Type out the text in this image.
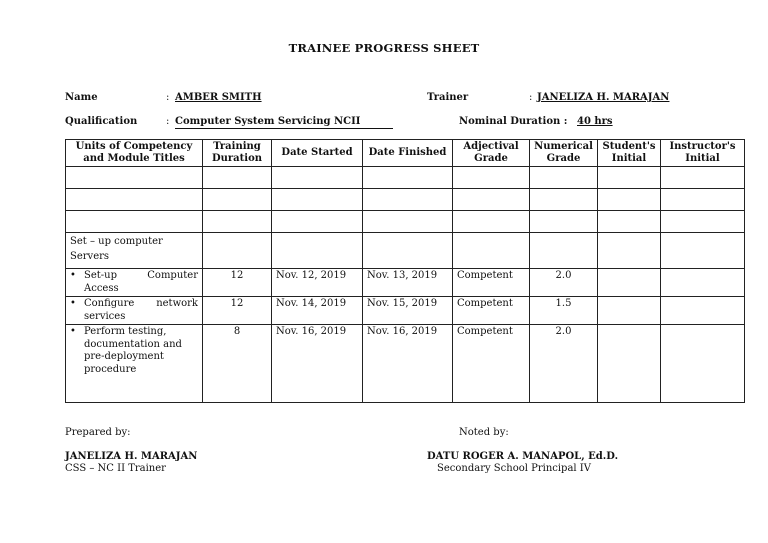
TRAINEE PROGRESS SHEET
Name	: AMBER SMITH	Trainer	: JANELIZA H. MARAJAN
Qualification	: Computer System Servicing NCII	Nominal Duration : 40 hrs
Units of Competency and Module Titles	Training Duration	Date Started	Date Finished	Adjectival Grade	Numerical Grade	Student's Initial	Instructor's Initial

Set – up computer Servers							

• Set-up Computer Access	12	Nov. 12, 2019	Nov. 13, 2019	Competent	2.0		

• Configure network services	12	Nov. 14, 2019	Nov. 15, 2019	Competent	1.5		

• Perform testing, documentation and pre-deployment procedure	8	Nov. 16, 2019	Nov. 16, 2019	Competent	2.0		
Prepared by:
JANELIZA H. MARAJAN
CSS – NC II Trainer
Noted by:
DATU ROGER A. MANAPOL, Ed.D.
Secondary School Principal IV
